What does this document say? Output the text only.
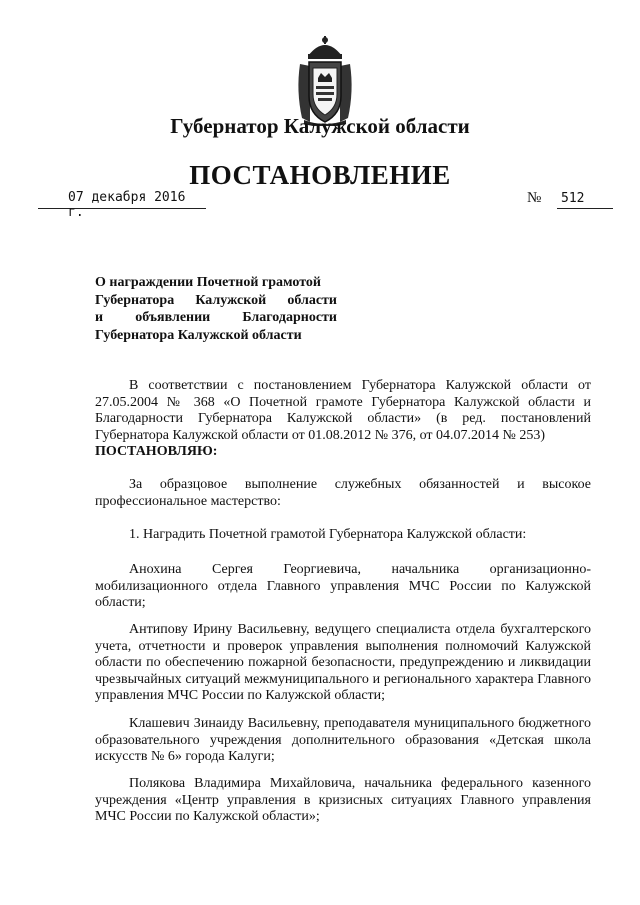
Губернатор Калужской области
ПОСТАНОВЛЕНИЕ
07 декабря 2016 г.
№ 512
О награждении Почетной грамотой
Губернатора Калужской области
и объявлении Благодарности
Губернатора Калужской области

В соответствии с постановлением Губернатора Калужской области от 27.05.2004 № 368 «О Почетной грамоте Губернатора Калужской области и Благодарности Губернатора Калужской области» (в ред. постановлений Губернатора Калужской области от 01.08.2012 № 376, от 04.07.2014 № 253)

ПОСТАНОВЛЯЮ:

За образцовое выполнение служебных обязанностей и высокое профессиональное мастерство:

1. Наградить Почетной грамотой Губернатора Калужской области:

Анохина Сергея Георгиевича, начальника организационно-мобилизационного отдела Главного управления МЧС России по Калужской области;

Антипову Ирину Васильевну, ведущего специалиста отдела бухгалтерского учета, отчетности и проверок управления выполнения полномочий Калужской области по обеспечению пожарной безопасности, предупреждению и ликвидации чрезвычайных ситуаций межмуниципального и регионального характера Главного управления МЧС России по Калужской области;

Клашевич Зинаиду Васильевну, преподавателя муниципального бюджетного образовательного учреждения дополнительного образования «Детская школа искусств № 6» города Калуги;

Полякова Владимира Михайловича, начальника федерального казенного учреждения «Центр управления в кризисных ситуациях Главного управления МЧС России по Калужской области»;
